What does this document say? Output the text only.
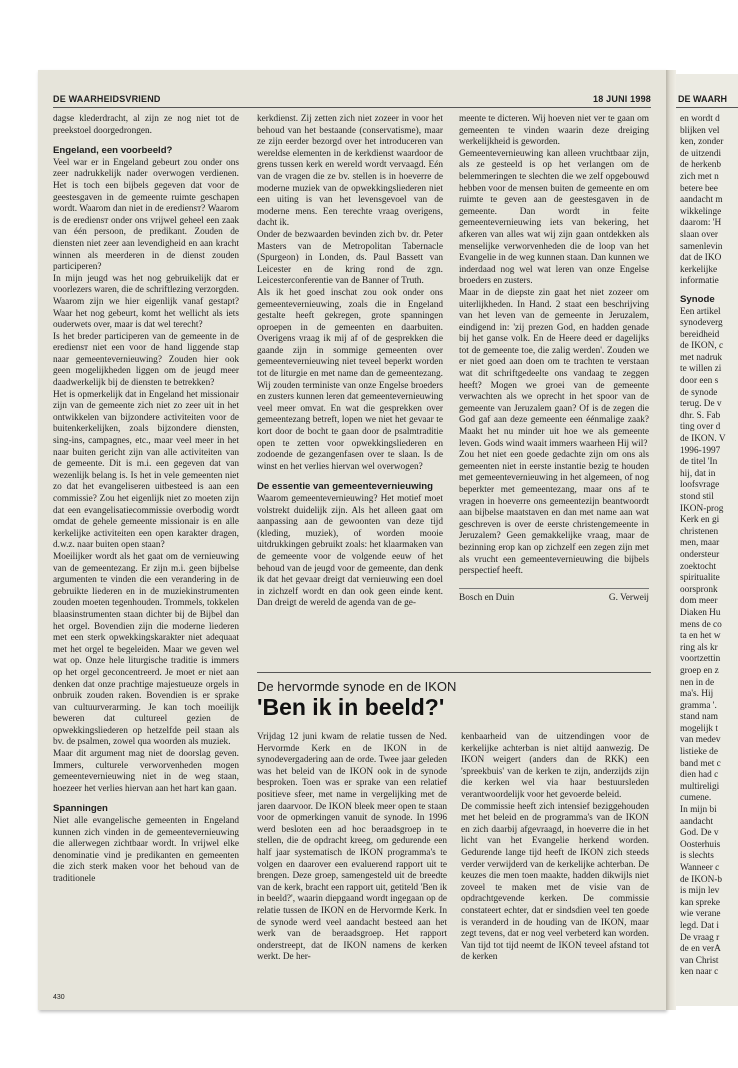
DE WAARHEIDSVRIEND	18 JUNI 1998

dagse klederdracht, al zijn ze nog niet tot de preekstoel doorgedrongen.

Engeland, een voorbeeld?

Veel war er in Engeland gebeurt zou onder ons zeer nadrukkelijk nader overwogen verdienen. Het is toch een bijbels gegeven dat voor de geestesgaven in de gemeente ruimte geschapen wordt. Waarom dan niet in de erediensт? Waarom is de erediensт onder ons vrijwel geheel een zaak van één persoon, de predikant. Zouden de diensten niet zeer aan levendigheid en aan kracht winnen als meerderen in de dienst zouden participeren?

In mijn jeugd was het nog gebruikelijk dat er voorlezers waren, die de schriftlezing verzorgden. Waarom zijn we hier eigenlijk vanaf gestapt? Waar het nog gebeurt, komt het wellicht als iets ouderwets over, maar is dat wel terecht?

Is het breder participeren van de gemeente in de erediensт niet een voor de hand liggende stap naar gemeentevernieuwing? Zouden hier ook geen mogelijkheden liggen om de jeugd meer daadwerkelijk bij de diensten te betrekken?

Het is opmerkelijk dat in Engeland het missionair zijn van de gemeente zich niet zo zeer uit in het ontwikkelen van bijzondere activiteiten voor de buitenkerkelijken, zoals bijzondere diensten, sing-ins, campagnes, etc., maar veel meer in het naar buiten gericht zijn van alle activiteiten van de gemeente. Dit is m.i. een gegeven dat van wezenlijk belang is. Is het in vele gemeenten niet zo dat het evangeliseren uitbesteed is aan een commissie? Zou het eigenlijk niet zo moeten zijn dat een evangelisatiecommissie overbodig wordt omdat de gehele gemeente missionair is en alle kerkelijke activiteiten een open karakter dragen, d.w.z. naar buiten open staan?

Moeilijker wordt als het gaat om de vernieuwing van de gemeentezang. Er zijn m.i. geen bijbelse argumenten te vinden die een verandering in de gebruikte liederen en in de muziekinstrumenten zouden moeten tegenhouden. Trommels, tokkelen blaasinstrumenten staan dichter bij de Bijbel dan het orgel. Bovendien zijn die moderne liederen met een sterk opwekkingskarakter niet adequaat met het orgel te begeleiden. Maar we geven wel wat op. Onze hele liturgische traditie is immers op het orgel geconcentreerd. Je moet er niet aan denken dat onze prachtige majestueuze orgels in onbruik zouden raken. Bovendien is er sprake van cultuurverarming. Je kan toch moeilijk beweren dat cultureel gezien de opwekkingsliederen op hetzelfde peil staan als bv. de psalmen, zowel qua woorden als muziek.

Maar dit argument mag niet de doorslag geven. Immers, culturele verworvenheden mogen gemeentevernieuwing niet in de weg staan, hoezeer het verlies hiervan aan het hart kan gaan.

Spanningen

Niet alle evangelische gemeenten in Engeland kunnen zich vinden in de gemeentevernieuwing die allerwegen zichtbaar wordt. In vrijwel elke denominatie vind je predikanten en gemeenten die zich sterk maken voor het behoud van de traditionele

kerkdienst. Zij zetten zich niet zozeer in voor het behoud van het bestaande (conservatisme), maar ze zijn eerder bezorgd over het introduceren van wereldse elementen in de kerkdienst waardoor de grens tussen kerk en wereld wordt vervaagd. Eén van de vragen die ze bv. stellen is in hoeverre de moderne muziek van de opwekkingsliederen niet een uiting is van het levensgevoel van de moderne mens. Een terechte vraag overigens, dacht ik.

Onder de bezwaarden bevinden zich bv. dr. Peter Masters van de Metropolitan Tabernacle (Spurgeon) in Londen, ds. Paul Bassett van Leicester en de kring rond de zgn. Leicesterconferentie van de Banner of Truth.

Als ik het goed inschat zou ook onder ons gemeentevernieuwing, zoals die in Engeland gestalte heeft gekregen, grote spanningen oproepen in de gemeenten en daarbuiten. Overigens vraag ik mij af of de gesprekken die gaande zijn in sommige gemeenten over gemeentevernieuwing niet teveel beperkt worden tot de liturgie en met name dan de gemeentezang. Wij zouden terministe van onze Engelse broeders en zusters kunnen leren dat gemeentevernieuwing veel meer omvat. En wat die gesprekken over gemeentezang betreft, lopen we niet het gevaar te kort door de bocht te gaan door de psalmtraditie open te zetten voor opwekkingsliederen en zodoende de gezangenfasen over te slaan. Is de winst en het verlies hiervan wel overwogen?

De essentie van gemeentevernieuwing

Waarom gemeentevernieuwing? Het motief moet volstrekt duidelijk zijn. Als het alleen gaat om aanpassing aan de gewoonten van deze tijd (kleding, muziek), of worden mooie uitdrukkingen gebruikt zoals: het klaarmaken van de gemeente voor de volgende eeuw of het behoud van de jeugd voor de gemeente, dan denk ik dat het gevaar dreigt dat vernieuwing een doel in zichzelf wordt en dan ook geen einde kent. Dan dreigt de wereld de agenda van de ge-

meente te dicteren. Wij hoeven niet ver te gaan om gemeenten te vinden waarin deze dreiging werkelijkheid is geworden.

Gemeentevernieuwing kan alleen vruchtbaar zijn, als ze gesteeld is op het verlangen om de belemmeringen te slechten die we zelf opgebouwd hebben voor de mensen buiten de gemeente en om ruimte te geven aan de geestesgaven in de gemeente. Dan wordt in feite gemeentevernieuwing iets van bekering, het afkeren van alles wat wij zijn gaan ontdekken als menselijke verworvenheden die de loop van het Evangelie in de weg kunnen staan. Dan kunnen we inderdaad nog wel wat leren van onze Engelse broeders en zusters.

Maar in de diepste zin gaat het niet zozeer om uiterlijkheden. In Hand. 2 staat een beschrijving van het leven van de gemeente in Jeruzalem, eindigend in: 'zij prezen God, en hadden genade bij het ganse volk. En de Heere deed er dagelijks tot de gemeente toe, die zalig werden'. Zouden we er niet goed aan doen om te trachten te verstaan wat dit schriftgedeelte ons vandaag te zeggen heeft? Mogen we groei van de gemeente verwachten als we oprecht in het spoor van de gemeente van Jeruzalem gaan? Of is de zegen die God gaf aan deze gemeente een éénmalige zaak? Maakt het nu minder uit hoe we als gemeente leven. Gods wind waait immers waarheen Hij wil?

Zou het niet een goede gedachte zijn om ons als gemeenten niet in eerste instantie bezig te houden met gemeentevernieuwing in het algemeen, of nog beperkter met gemeentezang, maar ons af te vragen in hoeverre ons gemeentezijn beantwoordt aan bijbelse maatstaven en dan met name aan wat geschreven is over de eerste christengemeente in Jeruzalem? Geen gemakkelijke vraag, maar de bezinning erop kan op zichzelf een zegen zijn met als vrucht een gemeentevernieuwing die bijbels perspectief heeft.

Bosch en Duin	G. Verweij
De hervormde synode en de IKON
'Ben ik in beeld?'

Vrijdag 12 juni kwam de relatie tussen de Ned. Hervormde Kerk en de IKON in de synodevergadering aan de orde. Twee jaar geleden was het beleid van de IKON ook in de synode besproken. Toen was er sprake van een relatief positieve sfeer, met name in vergelijking met de jaren daarvoor. De IKON bleek meer open te staan voor de opmerkingen vanuit de synode. In 1996 werd besloten een ad hoc beraadsgroep in te stellen, die de opdracht kreeg, om gedurende een half jaar systematisch de IKON programma's te volgen en daarover een evaluerend rapport uit te brengen. Deze groep, samengesteld uit de breedte van de kerk, bracht een rapport uit, getiteld 'Ben ik in beeld?', waarin diepgaand wordt ingegaan op de relatie tussen de IKON en de Hervormde Kerk. In de synode werd veel aandacht besteed aan het werk van de beraadsgroep. Het rapport onderstreept, dat de IKON namens de kerken werkt. De her-

kenbaarheid van de uitzendingen voor de kerkelijke achterban is niet altijd aanwezig. De IKON weigert (anders dan de RKK) een 'spreekbuis' van de kerken te zijn, anderzijds zijn die kerken wel via haar bestuursleden verantwoordelijk voor het gevoerde beleid.

De commissie heeft zich intensief beziggehouden met het beleid en de programma's van de IKON en zich daarbij afgevraagd, in hoeverre die in het licht van het Evangelie herkend worden. Gedurende lange tijd heeft de IKON zich steeds verder verwijderd van de kerkelijke achterban. De keuzes die men toen maakte, hadden dikwijls niet zoveel te maken met de visie van de opdrachtgevende kerken. De commissie constateert echter, dat er sindsdien veel ten goede is veranderd in de houding van de IKON, maar zegt tevens, dat er nog veel verbeterd kan worden. Van tijd tot tijd neemt de IKON teveel afstand tot de kerken

430
DE WAARH

en wordt d

blijken vel

ken, zonder

de uitzendi

de herkenb

zich met n

betere bee

aandacht m

wikkelinge

daarom: 'H

slaan over

samenlevin

dat de IKO

kerkelijke

informatie

Synode

Een artikel

synodeverg

bereidheid

de IKON, c

met nadruk

te willen zi

door een s

de synode

terug. De v

dhr. S. Fab

ting over d

de IKON. V

1996-1997

de titel 'In

hij, dat in

loofsvrage

stond stil

IKON-prog

Kerk en gi

christenen

men, maar

ondersteur

zoektocht

spiritualite

oorspronk

dom meer

Diaken Hu

mens de co

ta en het w

ring als kr

voortzettin

groep en z

nen in de

ma's. Hij

gramma '.

stand nam

mogelijk t

van medev

listieke de

band met c

dien had c

multireligi

cumene.

In mijn bi

aandacht

God. De v

Oosterhuis

is slechts

Wanneer c

de IKON-b

is mijn lev

kan spreke

wie verane

legd. Dat i

De vraag r

de en verA

van Christ

ken naar c
